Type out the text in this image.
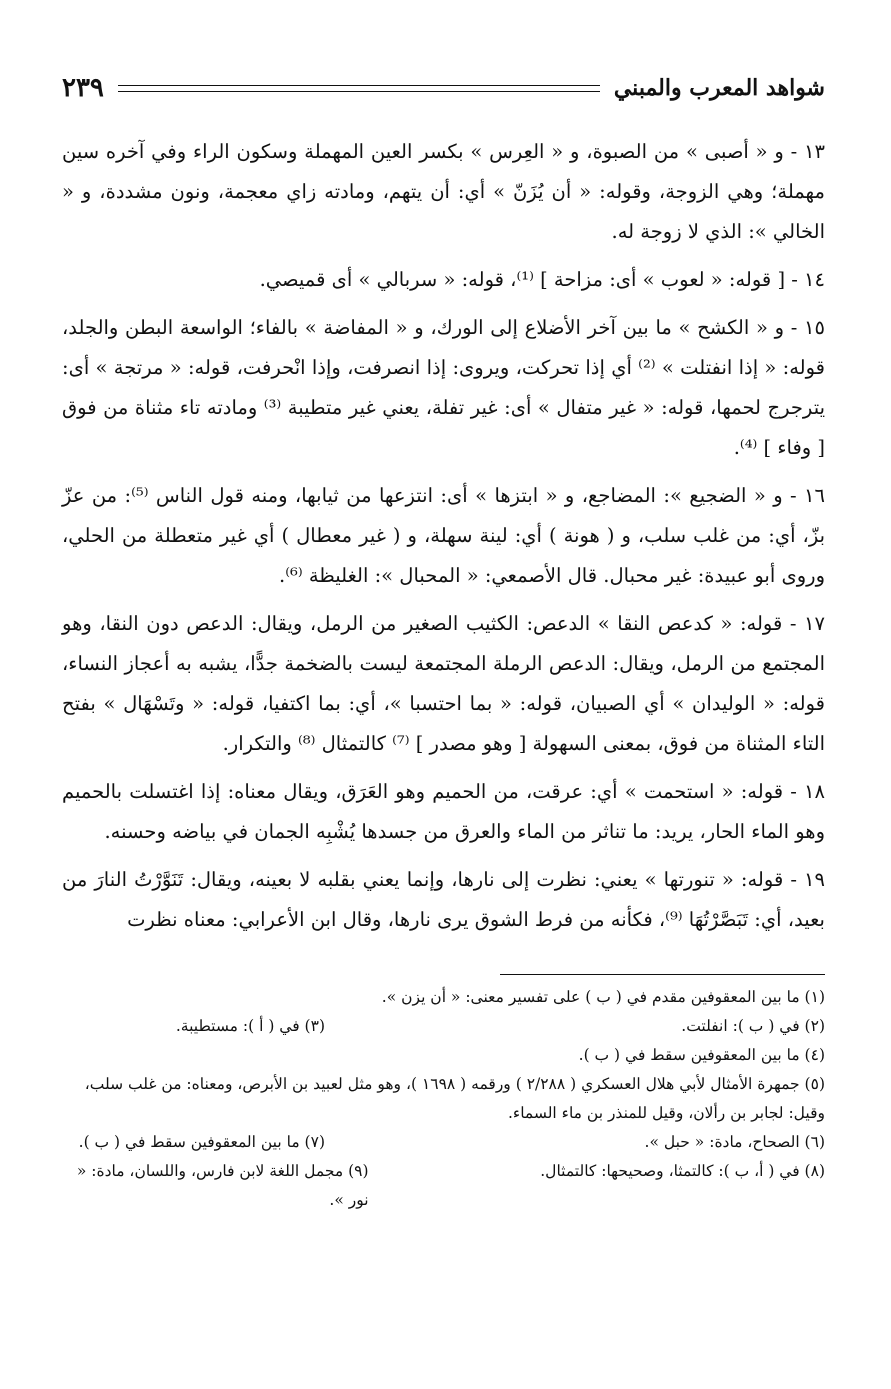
شواهد المعرب والمبني
٢٣٩

١٣ - و « أصبى » من الصبوة، و « العِرس » بكسر العين المهملة وسكون الراء وفي آخره سين مهملة؛ وهي الزوجة، وقوله: « أن يُزَنّ » أي: أن يتهم، ومادته زاي معجمة، ونون مشددة، و « الخالي »: الذي لا زوجة له.

١٤ - [ قوله: « لعوب » أى: مزاحة ] ⁽¹⁾، قوله: « سربالي » أى قميصي.

١٥ - و « الكشح » ما بين آخر الأضلاع إلى الورك، و « المفاضة » بالفاء؛ الواسعة البطن والجلد، قوله: « إذا انفتلت » ⁽²⁾ أي إذا تحركت، ويروى: إذا انصرفت، وإذا انْحرفت، قوله: « مرتجة » أى: يترجرج لحمها، قوله: « غير متفال » أى: غير تفلة، يعني غير متطيبة ⁽³⁾ ومادته تاء مثناة من فوق [ وفاء ] ⁽⁴⁾.

١٦ - و « الضجيع »: المضاجع، و « ابتزها » أى: انتزعها من ثيابها، ومنه قول الناس ⁽⁵⁾: من عزّ بزّ، أي: من غلب سلب، و ( هونة ) أي: لينة سهلة، و ( غير معطال ) أي غير متعطلة من الحلي، وروى أبو عبيدة: غير محبال. قال الأصمعي: « المحبال »: الغليظة ⁽⁶⁾.

١٧ - قوله: « كدعص النقا » الدعص: الكثيب الصغير من الرمل، ويقال: الدعص دون النقا، وهو المجتمع من الرمل، ويقال: الدعص الرملة المجتمعة ليست بالضخمة جدًّا، يشبه به أعجاز النساء، قوله: « الوليدان » أي الصبيان، قوله: « بما احتسبا »، أي: بما اكتفيا، قوله: « وتَسْهَال » بفتح التاء المثناة من فوق، بمعنى السهولة [ وهو مصدر ] ⁽⁷⁾ كالتمثال ⁽⁸⁾ والتكرار.

١٨ - قوله: « استحمت » أي: عرقت، من الحميم وهو العَرَق، ويقال معناه: إذا اغتسلت بالحميم وهو الماء الحار، يريد: ما تناثر من الماء والعرق من جسدها يُشْبِه الجمان في بياضه وحسنه.

١٩ - قوله: « تنورتها » يعني: نظرت إلى نارها، وإنما يعني بقلبه لا بعينه، ويقال: تَنَوَّرْتُ النارَ من بعيد، أي: تَبَصَّرْتُهَا ⁽⁹⁾، فكأنه من فرط الشوق يرى نارها، وقال ابن الأعرابي: معناه نظرت

(١) ما بين المعقوفين مقدم في ( ب ) على تفسير معنى: « أن يزن ».

(٢) في ( ب ): انفلتت.

(٣) في ( أ ): مستطيبة.

(٤) ما بين المعقوفين سقط في ( ب ).

(٥) جمهرة الأمثال لأبي هلال العسكري ( ٢/٢٨٨ ) ورقمه ( ١٦٩٨ )، وهو مثل لعبيد بن الأبرص، ومعناه: من غلب سلب، وقيل: لجابر بن رألان، وقيل للمنذر بن ماء السماء.

(٦) الصحاح، مادة: « حبل ».

(٧) ما بين المعقوفين سقط في ( ب ).

(٨) في ( أ، ب ): كالتمثا، وصحيحها: كالتمثال.

(٩) مجمل اللغة لابن فارس، واللسان، مادة: « نور ».
